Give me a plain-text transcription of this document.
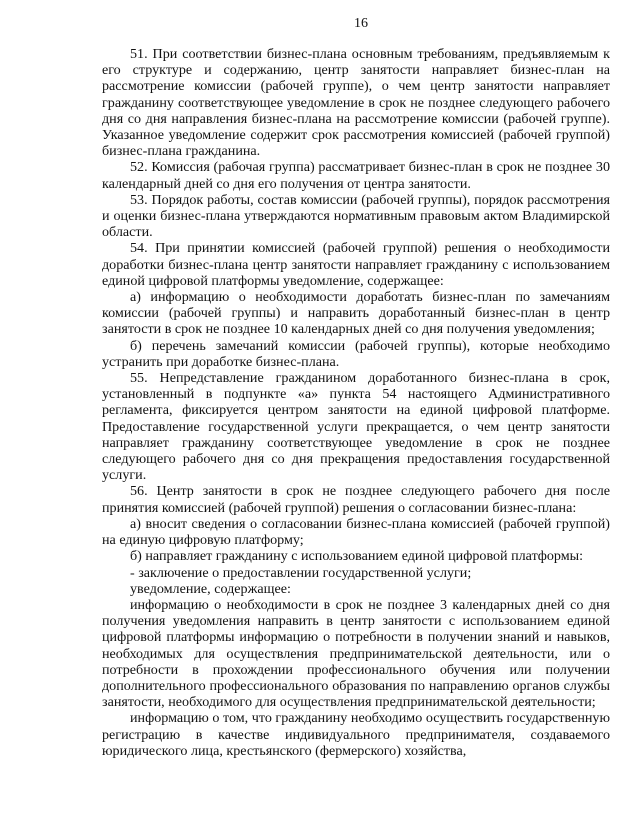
16

51. При соответствии бизнес-плана основным требованиям, предъявляемым к его структуре и содержанию, центр занятости направляет бизнес-план на рассмотрение комиссии (рабочей группе), о чем центр занятости направляет гражданину соответствующее уведомление в срок не позднее следующего рабочего дня со дня направления бизнес-плана на рассмотрение комиссии (рабочей группе). Указанное уведомление содержит срок рассмотрения комиссией (рабочей группой) бизнес-плана гражданина.

52. Комиссия (рабочая группа) рассматривает бизнес-план в срок не позднее 30 календарный дней со дня его получения от центра занятости.

53. Порядок работы, состав комиссии (рабочей группы), порядок рассмотрения и оценки бизнес-плана утверждаются нормативным правовым актом Владимирской области.

54. При принятии комиссией (рабочей группой) решения о необходимости доработки бизнес-плана центр занятости направляет гражданину с использованием единой цифровой платформы уведомление, содержащее:

а) информацию о необходимости доработать бизнес-план по замечаниям комиссии (рабочей группы) и направить доработанный бизнес-план в центр занятости в срок не позднее 10 календарных дней со дня получения уведомления;

б) перечень замечаний комиссии (рабочей группы), которые необходимо устранить при доработке бизнес-плана.

55. Непредставление гражданином доработанного бизнес-плана в срок, установленный в подпункте «а» пункта 54 настоящего Административного регламента, фиксируется центром занятости на единой цифровой платформе. Предоставление государственной услуги прекращается, о чем центр занятости направляет гражданину соответствующее уведомление в срок не позднее следующего рабочего дня со дня прекращения предоставления государственной услуги.

56. Центр занятости в срок не позднее следующего рабочего дня после принятия комиссией (рабочей группой) решения о согласовании бизнес-плана:

а) вносит сведения о согласовании бизнес-плана комиссией (рабочей группой) на единую цифровую платформу;

б) направляет гражданину с использованием единой цифровой платформы:

- заключение о предоставлении государственной услуги;

уведомление, содержащее:

информацию о необходимости в срок не позднее 3 календарных дней со дня получения уведомления направить в центр занятости с использованием единой цифровой платформы информацию о потребности в получении знаний и навыков, необходимых для осуществления предпринимательской деятельности, или о потребности в прохождении профессионального обучения или получении дополнительного профессионального образования по направлению органов службы занятости, необходимого для осуществления предпринимательской деятельности;

информацию о том, что гражданину необходимо осуществить государственную регистрацию в качестве индивидуального предпринимателя, создаваемого юридического лица, крестьянского (фермерского) хозяйства,
